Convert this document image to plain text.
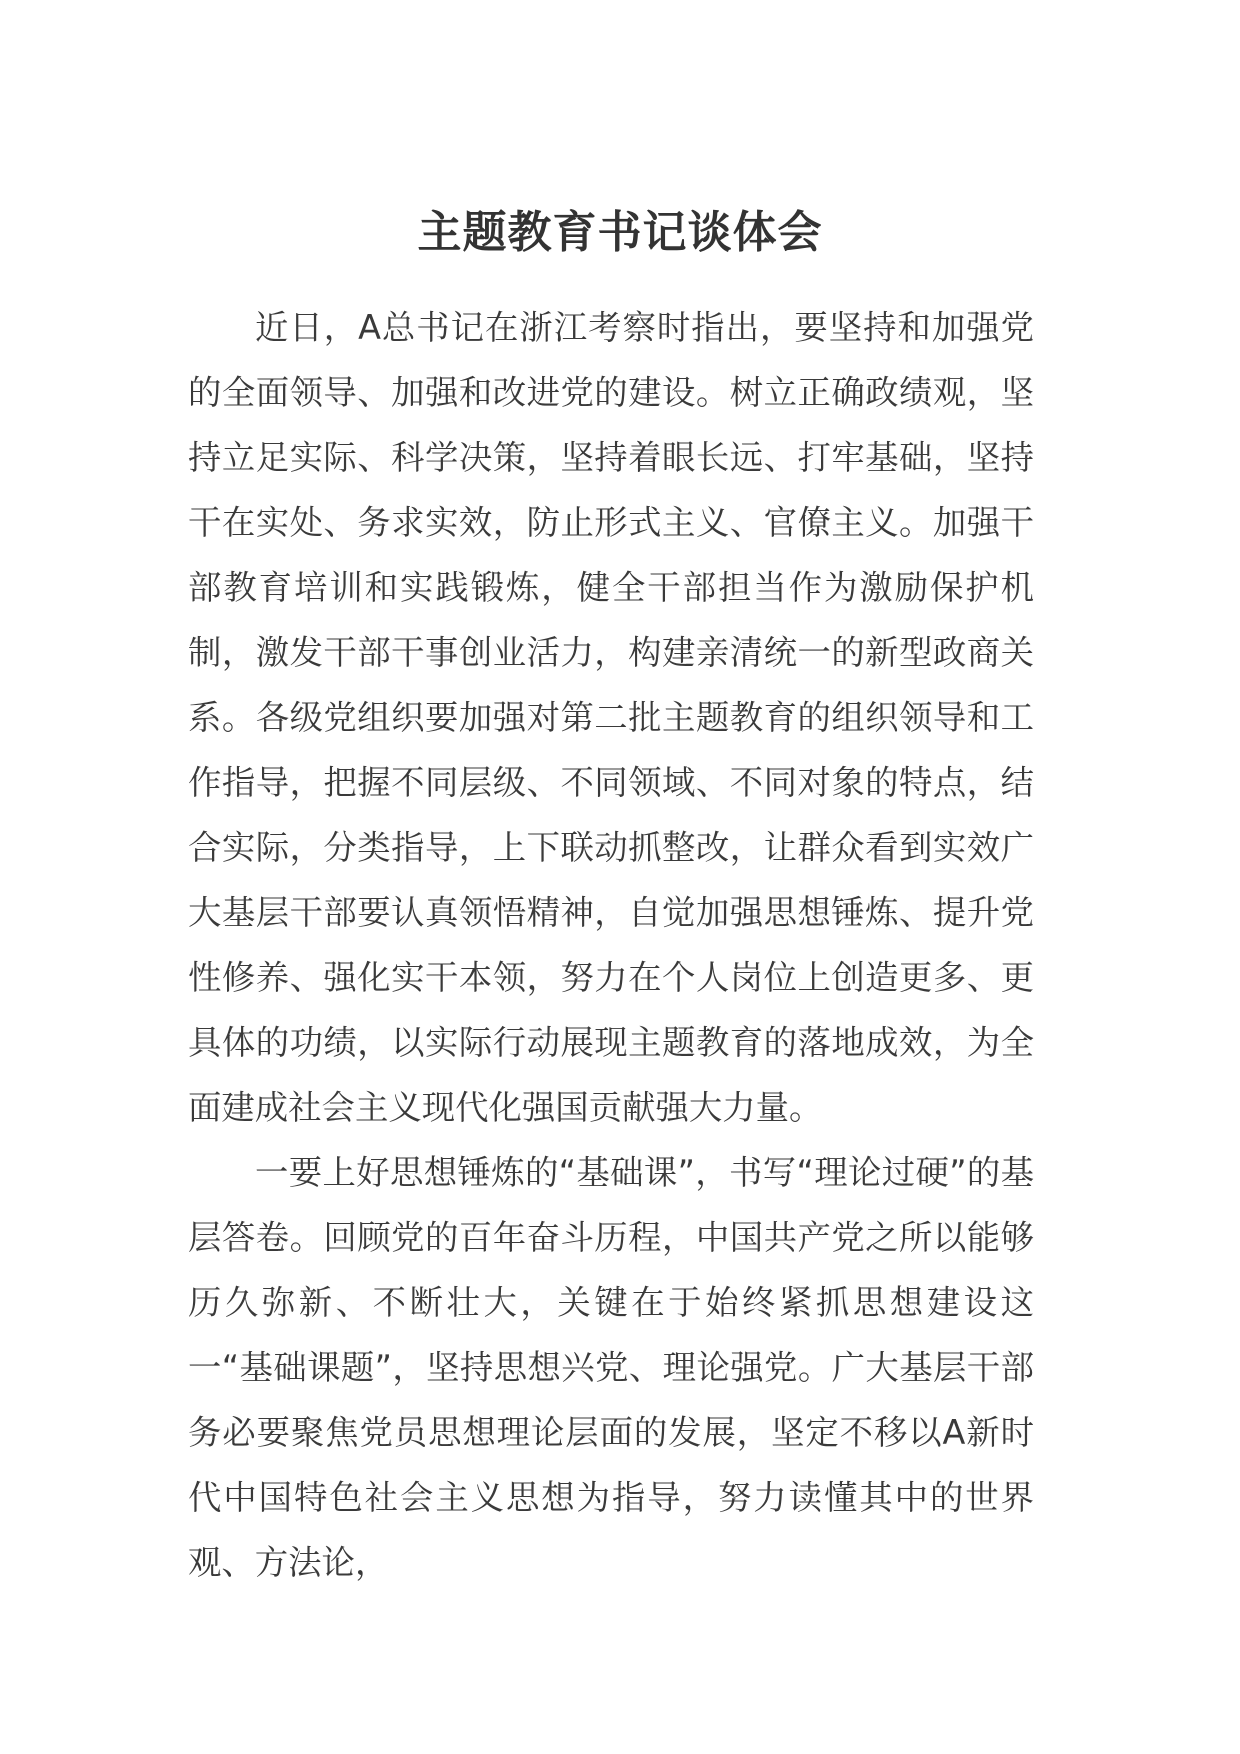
主题教育书记谈体会

近日，A总书记在浙江考察时指出，要坚持和加强党的全面领导、加强和改进党的建设。树立正确政绩观，坚持立足实际、科学决策，坚持着眼长远、打牢基础，坚持干在实处、务求实效，防止形式主义、官僚主义。加强干部教育培训和实践锻炼，健全干部担当作为激励保护机制，激发干部干事创业活力，构建亲清统一的新型政商关系。各级党组织要加强对第二批主题教育的组织领导和工作指导，把握不同层级、不同领域、不同对象的特点，结合实际，分类指导，上下联动抓整改，让群众看到实效广大基层干部要认真领悟精神，自觉加强思想锤炼、提升党性修养、强化实干本领，努力在个人岗位上创造更多、更具体的功绩，以实际行动展现主题教育的落地成效，为全面建成社会主义现代化强国贡献强大力量。

一要上好思想锤炼的“基础课”，书写“理论过硬”的基层答卷。回顾党的百年奋斗历程，中国共产党之所以能够历久弥新、不断壮大，关键在于始终紧抓思想建设这一“基础课题”，坚持思想兴党、理论强党。广大基层干部务必要聚焦党员思想理论层面的发展，坚定不移以A新时代中国特色社会主义思想为指导，努力读懂其中的世界观、方法论，
